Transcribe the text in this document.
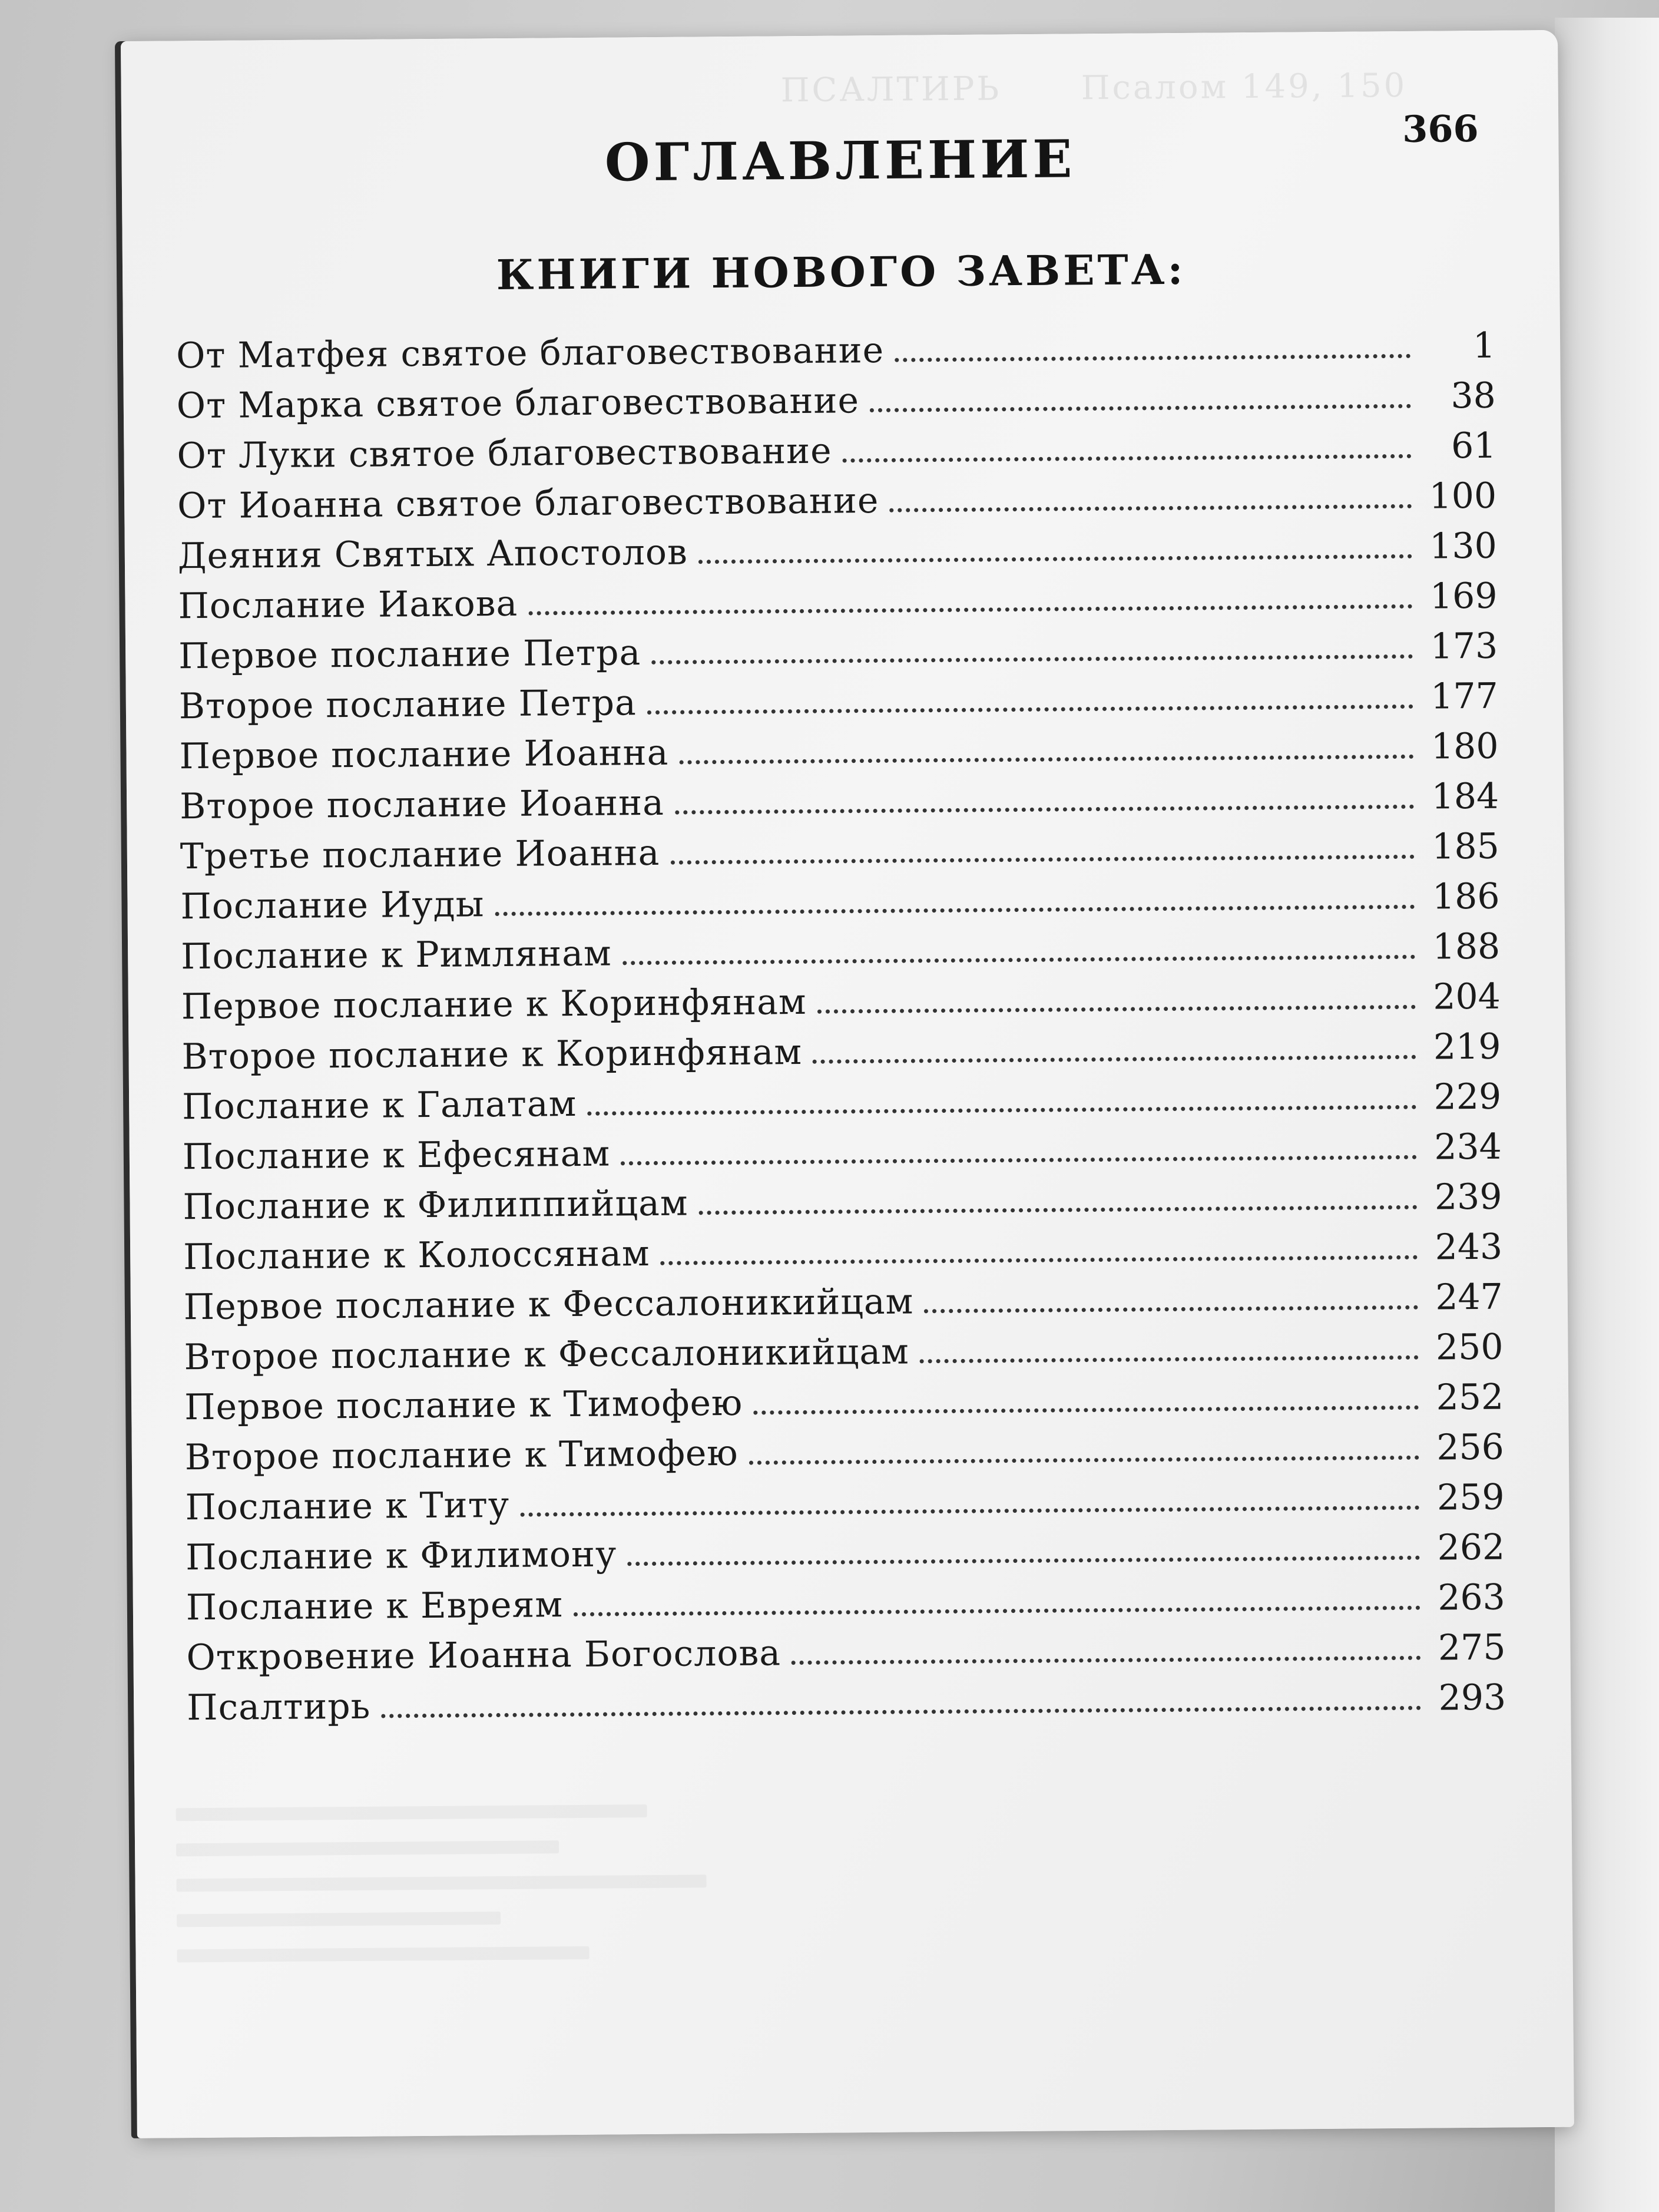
ПСАЛТИРЬ Псалом 149, 150
366
ОГЛАВЛЕНИЕ
КНИГИ НОВОГО ЗАВЕТА:
От Матфея святое благовествование	1
От Марка святое благовествование	38
От Луки святое благовествование	61
От Иоанна святое благовествование	100
Деяния Святых Апостолов	130
Послание Иакова	169
Первое послание Петра	173
Второе послание Петра	177
Первое послание Иоанна	180
Второе послание Иоанна	184
Третье послание Иоанна	185
Послание Иуды	186
Послание к Римлянам	188
Первое послание к Коринфянам	204
Второе послание к Коринфянам	219
Послание к Галатам	229
Послание к Ефесянам	234
Послание к Филиппийцам	239
Послание к Колоссянам	243
Первое послание к Фессалоникийцам	247
Второе послание к Фессалоникийцам	250
Первое послание к Тимофею	252
Второе послание к Тимофею	256
Послание к Титу	259
Послание к Филимону	262
Послание к Евреям	263
Откровение Иоанна Богослова	275
Псалтирь	293
